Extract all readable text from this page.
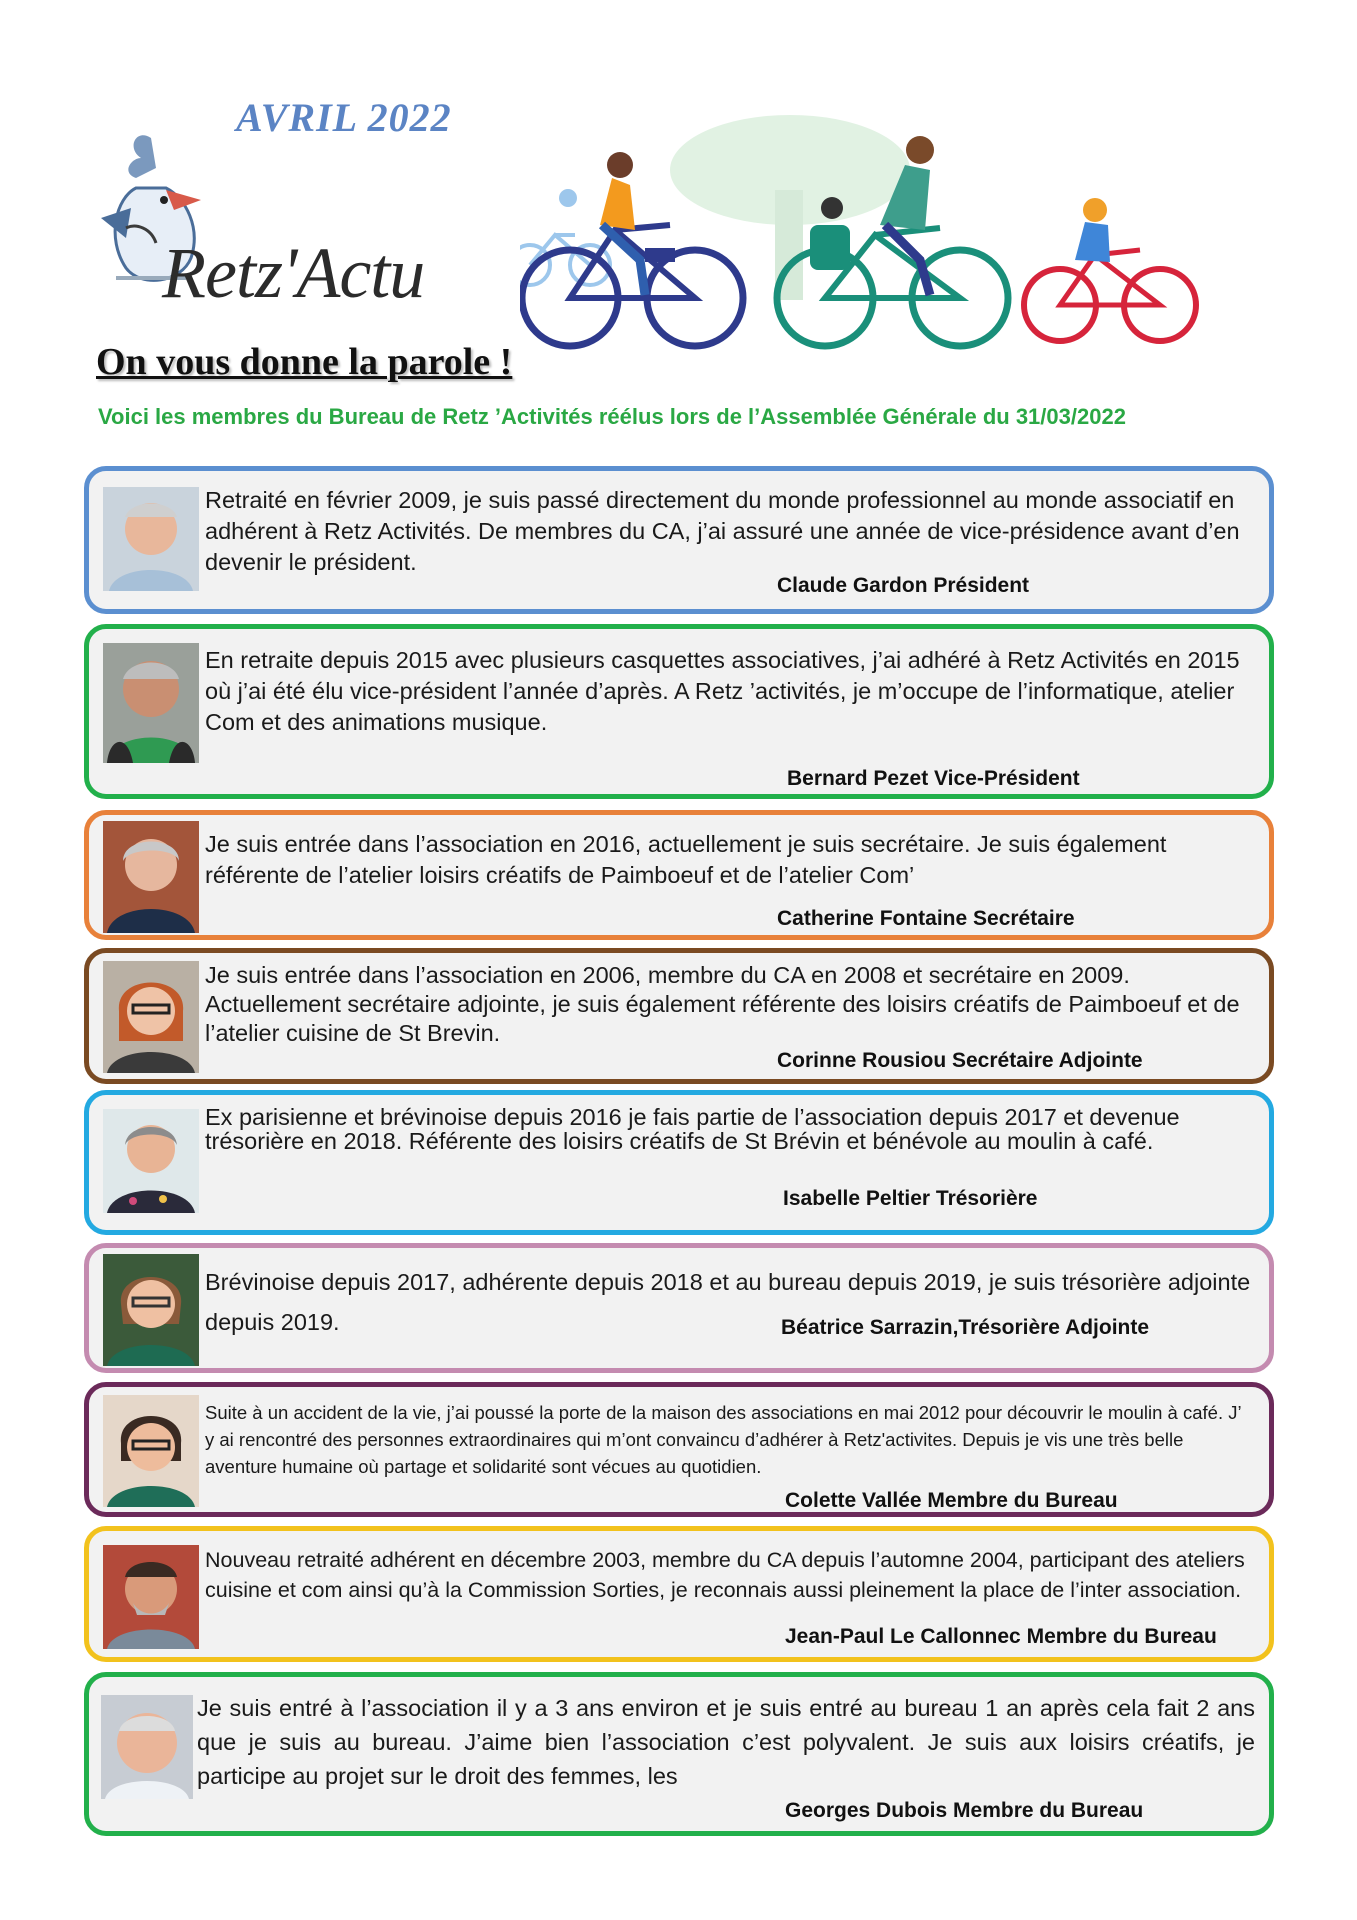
AVRIL 2022
Retz'Actu
On vous donne la parole !
Voici les membres du Bureau de Retz ’Activités réélus lors de l’Assemblée Générale du 31/03/2022
Retraité en février 2009, je suis passé directement du monde professionnel au monde associatif en adhérent à Retz Activités. De membres du CA, j’ai assuré une année de vice-présidence avant d’en devenir le président.
Claude Gardon Président
En retraite depuis 2015 avec plusieurs casquettes associatives, j’ai adhéré à Retz Activités en 2015 où j’ai été élu vice-président l’année d’après. A Retz ’activités, je m’occupe de l’informatique, atelier Com et des animations musique.
Bernard Pezet Vice-Président
Je suis entrée dans l’association en 2016, actuellement je suis secrétaire. Je suis également référente de l’atelier loisirs créatifs de Paimboeuf et de l’atelier Com’
Catherine Fontaine Secrétaire
Je suis entrée dans l’association en 2006, membre du CA en 2008 et secrétaire en 2009. Actuellement secrétaire adjointe, je suis également référente des loisirs créatifs de Paimboeuf et de l’atelier cuisine de St Brevin.
Corinne Rousiou Secrétaire Adjointe
Ex parisienne et brévinoise depuis 2016 je fais partie de l’association depuis 2017 et devenue trésorière en 2018. Référente des loisirs créatifs de St Brévin et bénévole au moulin à café.
Isabelle Peltier Trésorière
Brévinoise depuis 2017, adhérente depuis 2018 et au bureau depuis 2019, je suis trésorière adjointe depuis 2019.	Béatrice Sarrazin,Trésorière Adjointe
Suite à un accident de la vie, j’ai poussé la porte de la maison des associations en mai 2012 pour découvrir le moulin à café. J’ y ai rencontré des personnes extraordinaires qui m’ont convaincu d’adhérer à Retz'activites. Depuis je vis une très belle aventure humaine où partage et solidarité sont vécues au quotidien.
Colette Vallée Membre du Bureau
Nouveau retraité adhérent en décembre 2003, membre du CA depuis l’automne 2004, participant des ateliers cuisine et com ainsi qu’à la Commission Sorties, je reconnais aussi pleinement la place de l’inter association.
Jean-Paul Le Callonnec Membre du Bureau
Je suis entré à l’association il y a 3 ans environ et je suis entré au bureau 1 an après cela fait 2 ans que je suis au bureau. J’aime bien l’association c’est polyvalent. Je suis aux loisirs créatifs, je participe au projet sur le droit des femmes, les
Georges Dubois Membre du Bureau
